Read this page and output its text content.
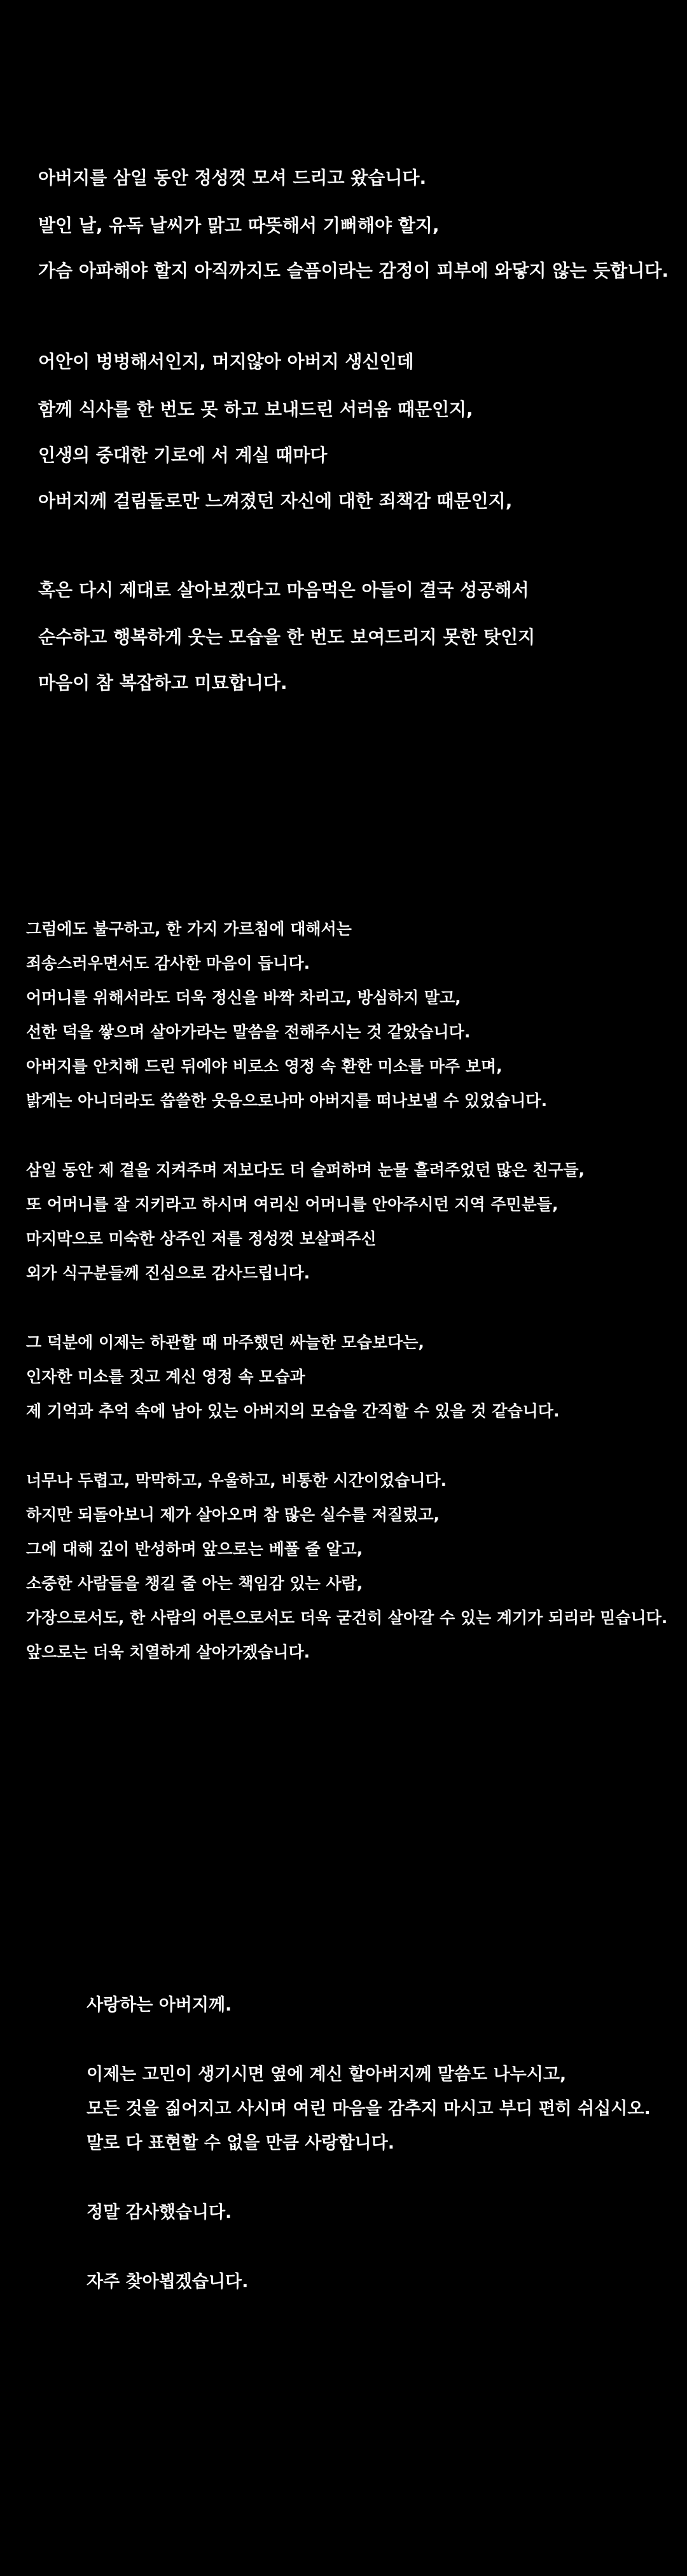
아버지를 삼일 동안 정성껏 모셔 드리고 왔습니다.

발인 날, 유독 날씨가 맑고 따뜻해서 기뻐해야 할지,

가슴 아파해야 할지 아직까지도 슬픔이라는 감정이 피부에 와닿지 않는 듯합니다.

어안이 벙벙해서인지, 머지않아 아버지 생신인데

함께 식사를 한 번도 못 하고 보내드린 서러움 때문인지,

인생의 중대한 기로에 서 계실 때마다

아버지께 걸림돌로만 느껴졌던 자신에 대한 죄책감 때문인지,

혹은 다시 제대로 살아보겠다고 마음먹은 아들이 결국 성공해서

순수하고 행복하게 웃는 모습을 한 번도 보여드리지 못한 탓인지

마음이 참 복잡하고 미묘합니다.

그럼에도 불구하고, 한 가지 가르침에 대해서는

죄송스러우면서도 감사한 마음이 듭니다.

어머니를 위해서라도 더욱 정신을 바짝 차리고, 방심하지 말고,

선한 덕을 쌓으며 살아가라는 말씀을 전해주시는 것 같았습니다.

아버지를 안치해 드린 뒤에야 비로소 영정 속 환한 미소를 마주 보며,

밝게는 아니더라도 씁쓸한 웃음으로나마 아버지를 떠나보낼 수 있었습니다.

삼일 동안 제 곁을 지켜주며 저보다도 더 슬퍼하며 눈물 흘려주었던 많은 친구들,

또 어머니를 잘 지키라고 하시며 여리신 어머니를 안아주시던 지역 주민분들,

마지막으로 미숙한 상주인 저를 정성껏 보살펴주신

외가 식구분들께 진심으로 감사드립니다.

그 덕분에 이제는 하관할 때 마주했던 싸늘한 모습보다는,

인자한 미소를 짓고 계신 영정 속 모습과

제 기억과 추억 속에 남아 있는 아버지의 모습을 간직할 수 있을 것 같습니다.

너무나 두렵고, 막막하고, 우울하고, 비통한 시간이었습니다.

하지만 되돌아보니 제가 살아오며 참 많은 실수를 저질렀고,

그에 대해 깊이 반성하며 앞으로는 베풀 줄 알고,

소중한 사람들을 챙길 줄 아는 책임감 있는 사람,

가장으로서도, 한 사람의 어른으로서도 더욱 굳건히 살아갈 수 있는 계기가 되리라 믿습니다.

앞으로는 더욱 치열하게 살아가겠습니다.

사랑하는 아버지께.

이제는 고민이 생기시면 옆에 계신 할아버지께 말씀도 나누시고,

모든 것을 짊어지고 사시며 여린 마음을 감추지 마시고 부디 편히 쉬십시오.

말로 다 표현할 수 없을 만큼 사랑합니다.

정말 감사했습니다.

자주 찾아뵙겠습니다.
